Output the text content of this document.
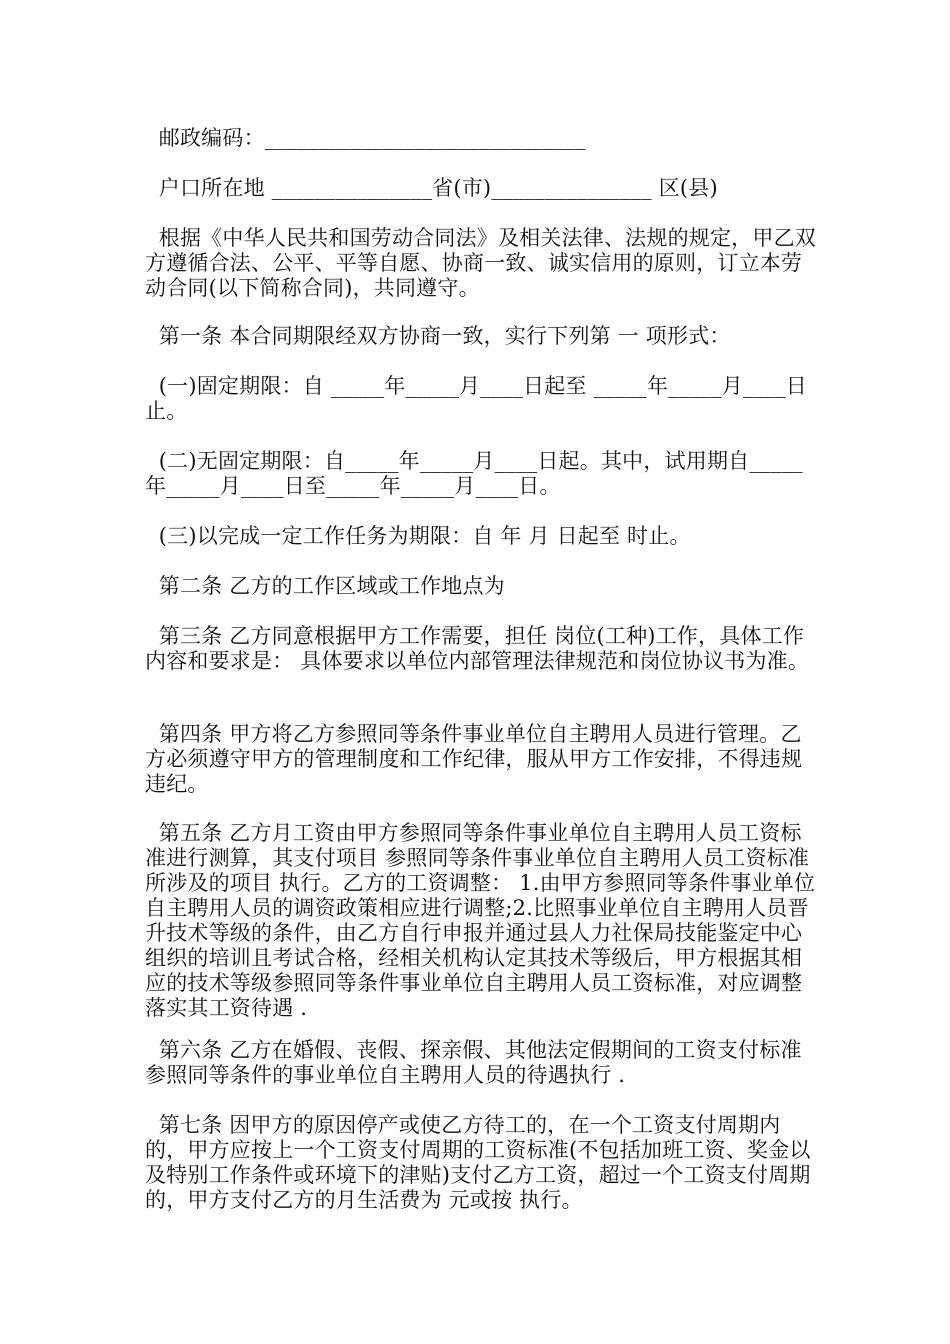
邮政编码：______________________________
户口所在地 _______________省(市)_______________ 区(县)
根据《中华人民共和国劳动合同法》及相关法律、法规的规定，甲乙双方遵循合法、公平、平等自愿、协商一致、诚实信用的原则，订立本劳动合同(以下简称合同)，共同遵守。
第一条 本合同期限经双方协商一致，实行下列第 一 项形式：
(一)固定期限：自 _____年_____月____日起至 _____年_____月____日止。
(二)无固定期限：自_____年_____月____日起。其中，试用期自_____年_____月____日至_____年_____月____日。
(三)以完成一定工作任务为期限：自 年 月 日起至 时止。
第二条 乙方的工作区域或工作地点为
第三条 乙方同意根据甲方工作需要，担任 岗位(工种)工作，具体工作内容和要求是： 具体要求以单位内部管理法律规范和岗位协议书为准。
第四条 甲方将乙方参照同等条件事业单位自主聘用人员进行管理。乙方必须遵守甲方的管理制度和工作纪律，服从甲方工作安排，不得违规违纪。
第五条 乙方月工资由甲方参照同等条件事业单位自主聘用人员工资标准进行测算，其支付项目 参照同等条件事业单位自主聘用人员工资标准所涉及的项目 执行。乙方的工资调整： 1.由甲方参照同等条件事业单位自主聘用人员的调资政策相应进行调整;2.比照事业单位自主聘用人员晋升技术等级的条件，由乙方自行申报并通过县人力社保局技能鉴定中心组织的培训且考试合格，经相关机构认定其技术等级后，甲方根据其相应的技术等级参照同等条件事业单位自主聘用人员工资标准，对应调整落实其工资待遇 .
第六条 乙方在婚假、丧假、探亲假、其他法定假期间的工资支付标准 参照同等条件的事业单位自主聘用人员的待遇执行 .
第七条 因甲方的原因停产或使乙方待工的，在一个工资支付周期内的，甲方应按上一个工资支付周期的工资标准(不包括加班工资、奖金以及特别工作条件或环境下的津贴)支付乙方工资，超过一个工资支付周期的，甲方支付乙方的月生活费为 元或按 执行。
